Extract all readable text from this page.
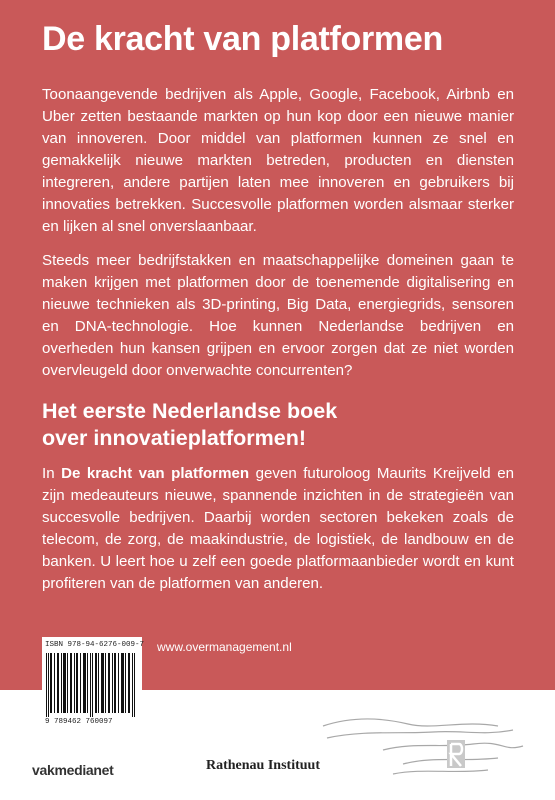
De kracht van platformen

Toonaangevende bedrijven als Apple, Google, Facebook, Airbnb en Uber zetten bestaande markten op hun kop door een nieuwe manier van innoveren. Door middel van platformen kunnen ze snel en gemakkelijk nieuwe markten betreden, producten en diensten integreren, andere partijen laten mee innoveren en gebruikers bij innovaties betrekken. Succesvolle platformen worden alsmaar sterker en lijken al snel onverslaanbaar.

Steeds meer bedrijfstakken en maatschappelijke domeinen gaan te maken krijgen met platformen door de toenemende digitalisering en nieuwe technieken als 3D-printing, Big Data, energiegrids, sensoren en DNA-technologie. Hoe kunnen Nederlandse bedrijven en overheden hun kansen grijpen en ervoor zorgen dat ze niet worden overvleugeld door onverwachte concurrenten?

Het eerste Nederlandse boek
over innovatieplatformen!

In De kracht van platformen geven futuroloog Maurits Kreijveld en zijn medeauteurs nieuwe, spannende inzichten in de strategieën van succesvolle bedrijven. Daarbij worden sectoren bekeken zoals de telecom, de zorg, de maakindustrie, de logistiek, de landbouw en de banken. U leert hoe u zelf een goede platformaanbieder wordt en kunt profiteren van de platformen van anderen.

ISBN 978-94-6276-009-7
9 789462 760097
www.overmanagement.nl
vakmedianet	Rathenau Instituut
